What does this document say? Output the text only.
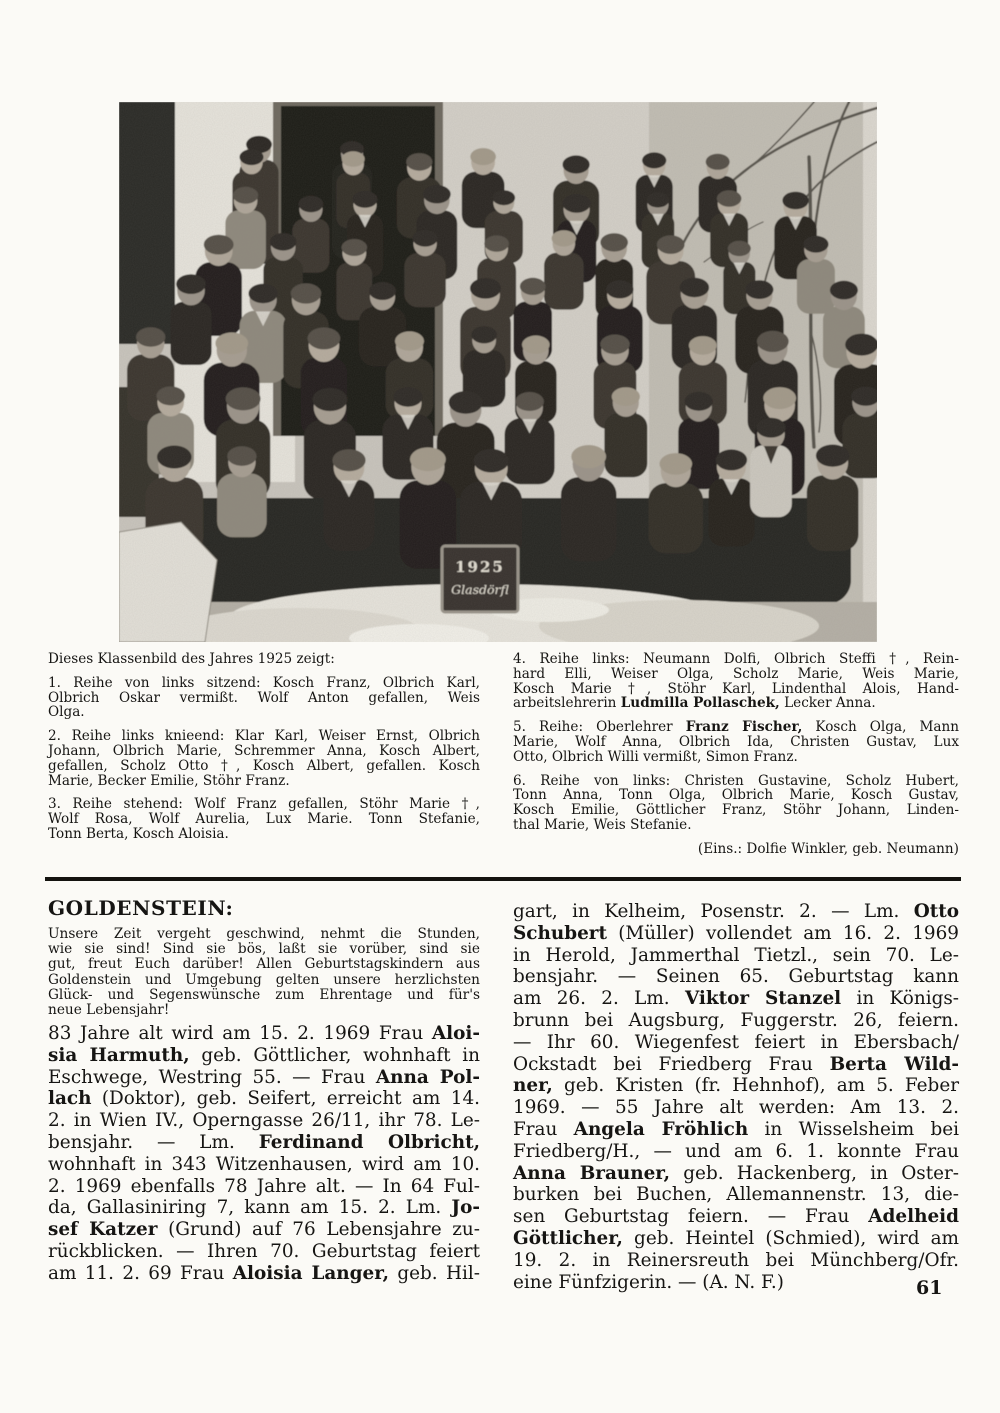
1925
Glasdörfl
Dieses Klassenbild des Jahres 1925 zeigt:
1. Reihe von links sitzend: Kosch Franz, Olbrich Karl,
Olbrich Oskar vermißt. Wolf Anton gefallen, Weis
Olga.
2. Reihe links knieend: Klar Karl, Weiser Ernst, Olbrich
Johann, Olbrich Marie, Schremmer Anna, Kosch Albert,
gefallen, Scholz Otto †, Kosch Albert, gefallen. Kosch
Marie, Becker Emilie, Stöhr Franz.
3. Reihe stehend: Wolf Franz gefallen, Stöhr Marie †,
Wolf Rosa, Wolf Aurelia, Lux Marie. Tonn Stefanie,
Tonn Berta, Kosch Aloisia.
4. Reihe links: Neumann Dolfi, Olbrich Steffi †, Rein-
hard Elli, Weiser Olga, Scholz Marie, Weis Marie,
Kosch Marie †, Stöhr Karl, Lindenthal Alois, Hand-
arbeitslehrerin Ludmilla Pollaschek, Lecker Anna.
5. Reihe: Oberlehrer Franz Fischer, Kosch Olga, Mann
Marie, Wolf Anna, Olbrich Ida, Christen Gustav, Lux
Otto, Olbrich Willi vermißt, Simon Franz.
6. Reihe von links: Christen Gustavine, Scholz Hubert,
Tonn Anna, Tonn Olga, Olbrich Marie, Kosch Gustav,
Kosch Emilie, Göttlicher Franz, Stöhr Johann, Linden-
thal Marie, Weis Stefanie.
(Eins.: Dolfie Winkler, geb. Neumann)
GOLDENSTEIN:
Unsere Zeit vergeht geschwind, nehmt die Stunden,
wie sie sind! Sind sie bös, laßt sie vorüber, sind sie
gut, freut Euch darüber! Allen Geburtstagskindern aus
Goldenstein und Umgebung gelten unsere herzlichsten
Glück- und Segenswünsche zum Ehrentage und für's
neue Lebensjahr!
83 Jahre alt wird am 15. 2. 1969 Frau Aloi-
sia Harmuth, geb. Göttlicher, wohnhaft in
Eschwege, Westring 55. — Frau Anna Pol-
lach (Doktor), geb. Seifert, erreicht am 14.
2. in Wien IV., Operngasse 26/11, ihr 78. Le-
bensjahr. — Lm. Ferdinand Olbricht,
wohnhaft in 343 Witzenhausen, wird am 10.
2. 1969 ebenfalls 78 Jahre alt. — In 64 Ful-
da, Gallasiniring 7, kann am 15. 2. Lm. Jo-
sef Katzer (Grund) auf 76 Lebensjahre zu-
rückblicken. — Ihren 70. Geburtstag feiert
am 11. 2. 69 Frau Aloisia Langer, geb. Hil-
gart, in Kelheim, Posenstr. 2. — Lm. Otto
Schubert (Müller) vollendet am 16. 2. 1969
in Herold, Jammerthal Tietzl., sein 70. Le-
bensjahr. — Seinen 65. Geburtstag kann
am 26. 2. Lm. Viktor Stanzel in Königs-
brunn bei Augsburg, Fuggerstr. 26, feiern.
— Ihr 60. Wiegenfest feiert in Ebersbach/
Ockstadt bei Friedberg Frau Berta Wild-
ner, geb. Kristen (fr. Hehnhof), am 5. Feber
1969. — 55 Jahre alt werden: Am 13. 2.
Frau Angela Fröhlich in Wisselsheim bei
Friedberg/H., — und am 6. 1. konnte Frau
Anna Brauner, geb. Hackenberg, in Oster-
burken bei Buchen, Allemannenstr. 13, die-
sen Geburtstag feiern. — Frau Adelheid
Göttlicher, geb. Heintel (Schmied), wird am
19. 2. in Reinersreuth bei Münchberg/Ofr.
eine Fünfzigerin. — (A. N. F.)	61
